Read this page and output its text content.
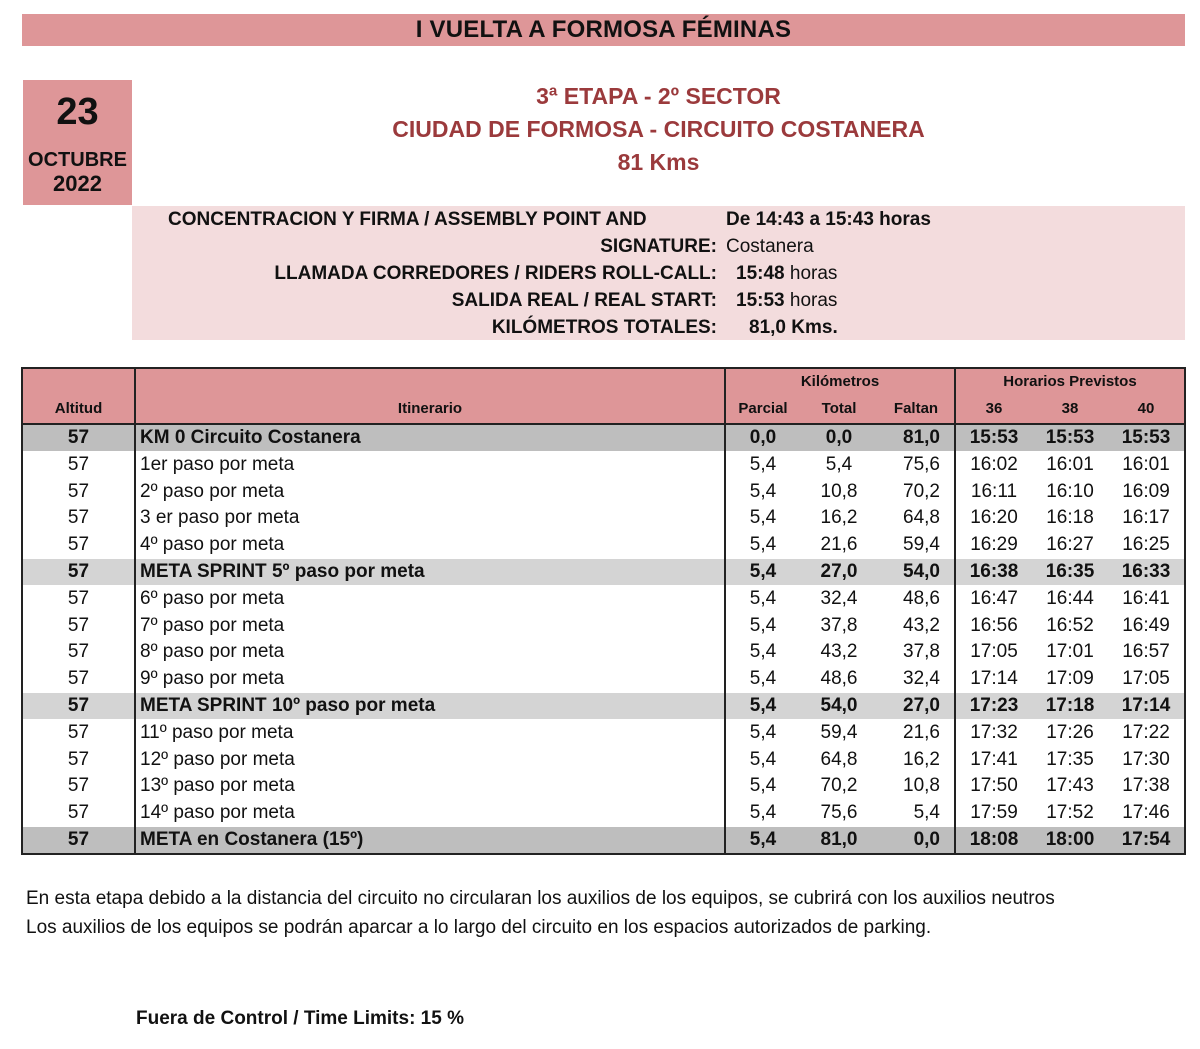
I VUELTA A FORMOSA FÉMINAS
23
OCTUBRE
2022
3ª ETAPA - 2º SECTOR
CIUDAD DE FORMOSA - CIRCUITO COSTANERA
81 Kms
CONCENTRACION Y FIRMA / ASSEMBLY POINT AND	De 14:43 a 15:43 horas
SIGNATURE: Costanera
LLAMADA CORREDORES / RIDERS ROLL-CALL: 15:48 horas
SALIDA REAL / REAL START: 15:53 horas
KILÓMETROS TOTALES: 81,0 Kms.
		Kilómetros			Horarios Previstos		
Altitud	Itinerario	Parcial	Total	Faltan	36	38	40
57	KM 0 Circuito Costanera	0,0	0,0	81,0	15:53	15:53	15:53
57	1er paso por meta	5,4	5,4	75,6	16:02	16:01	16:01
57	2º paso por meta	5,4	10,8	70,2	16:11	16:10	16:09
57	3 er paso por meta	5,4	16,2	64,8	16:20	16:18	16:17
57	4º paso por meta	5,4	21,6	59,4	16:29	16:27	16:25
57	META SPRINT 5º paso por meta	5,4	27,0	54,0	16:38	16:35	16:33
57	6º paso por meta	5,4	32,4	48,6	16:47	16:44	16:41
57	7º paso por meta	5,4	37,8	43,2	16:56	16:52	16:49
57	8º paso por meta	5,4	43,2	37,8	17:05	17:01	16:57
57	9º paso por meta	5,4	48,6	32,4	17:14	17:09	17:05
57	META SPRINT 10º paso por meta	5,4	54,0	27,0	17:23	17:18	17:14
57	11º paso por meta	5,4	59,4	21,6	17:32	17:26	17:22
57	12º paso por meta	5,4	64,8	16,2	17:41	17:35	17:30
57	13º paso por meta	5,4	70,2	10,8	17:50	17:43	17:38
57	14º paso por meta	5,4	75,6	5,4	17:59	17:52	17:46
57	META en Costanera (15º)	5,4	81,0	0,0	18:08	18:00	17:54
En esta etapa debido a la distancia del circuito no circularan los auxilios de los equipos, se cubrirá con los auxilios neutros
Los auxilios de los equipos se podrán aparcar a lo largo del circuito en los espacios autorizados de parking.
Fuera de Control / Time Limits: 15 %
